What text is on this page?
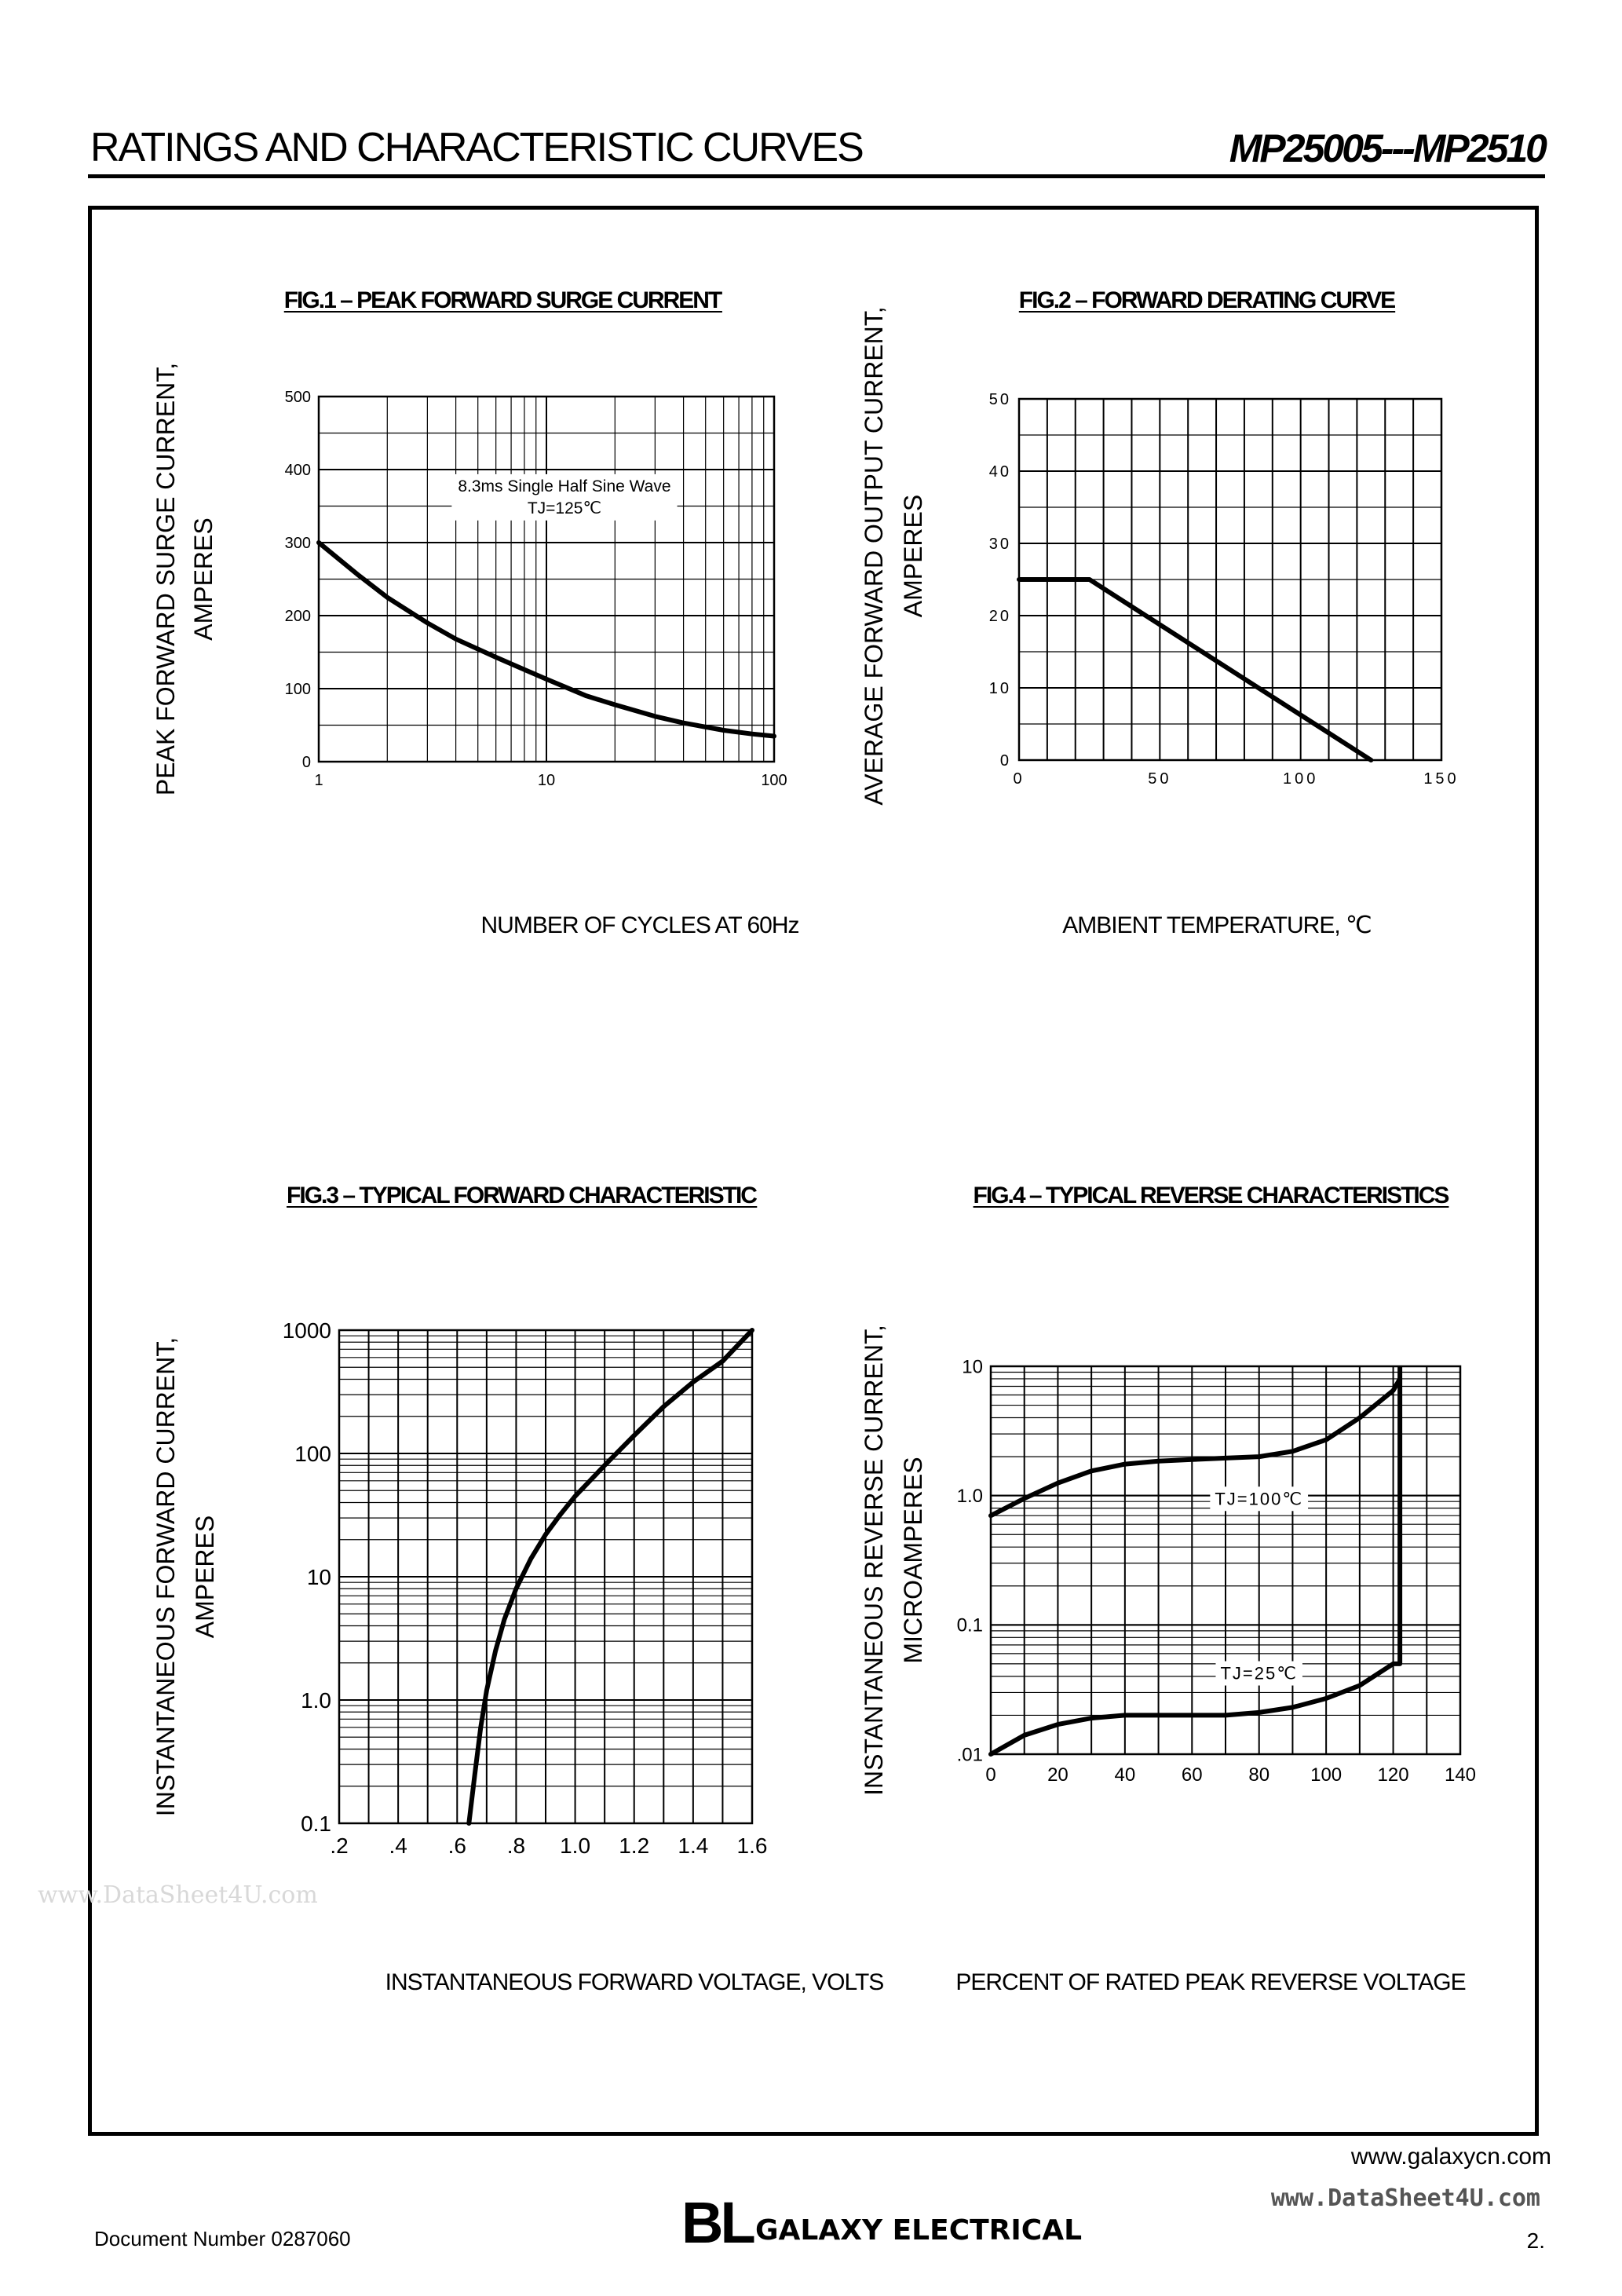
RATINGS AND CHARACTERISTIC CURVES	MP25005---MP2510
1	10	100
0
100
200
300
400
500
FIG.1 – PEAK FORWARD SURGE CURRENT
PEAK FORWARD SURGE CURRENT, AMPERES
NUMBER OF CYCLES AT 60Hz
8.3ms Single Half Sine Wave
TJ=125℃
0	50	100	150
0
10
20
30
40
50
FIG.2 – FORWARD DERATING CURVE
AVERAGE FORWARD OUTPUT CURRENT, AMPERES
AMBIENT TEMPERATURE, ℃
.2 .4 .6 .8 1.0 1.2 1.4 1.6
0.1
1.0
10
100
1000
FIG.3 – TYPICAL FORWARD CHARACTERISTIC
INSTANTANEOUS FORWARD CURRENT, AMPERES
INSTANTANEOUS FORWARD VOLTAGE, VOLTS
0	20 40 60 80 100 120 140
.01
0.1
1.0
10
FIG.4 – TYPICAL REVERSE CHARACTERISTICS
INSTANTANEOUS REVERSE CURRENT, MICROAMPERES
PERCENT OF RATED PEAK REVERSE VOLTAGE
TJ=100℃
TJ=25℃
www.DataSheet4U.com
www.galaxycn.com
www.DataSheet4U.com
Document Number 0287060	BL GALAXY ELECTRICAL	2.
